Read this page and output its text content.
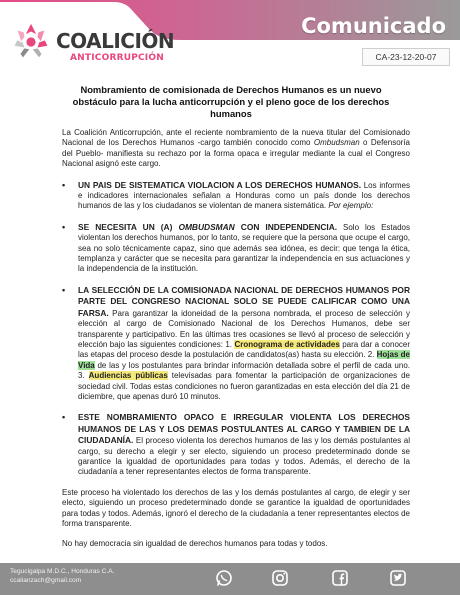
COALICIÓN
ANTICORRUPCIÓN
Comunicado
CA-23-12-20-07
Nombramiento de comisionada de Derechos Humanos es un nuevo obstáculo para la lucha anticorrupción y el pleno goce de los derechos humanos

La Coalición Anticorrupción, ante el reciente nombramiento de la nueva titular del Comisionado Nacional de los Derechos Humanos -cargo también conocido como Ombudsman o Defensoría del Pueblo- manifiesta su rechazo por la forma opaca e irregular mediante la cual el Congreso Nacional asignó este cargo.

• UN PAIS DE SISTEMATICA VIOLACION A LOS DERECHOS HUMANOS. Los informes e indicadores internacionales señalan a Honduras como un país donde los derechos humanos de las y los ciudadanos se violentan de manera sistemática. Por ejemplo:
• SE NECESITA UN (A) OMBUDSMAN CON INDEPENDENCIA. Solo los Estados violentan los derechos humanos, por lo tanto, se requiere que la persona que ocupe el cargo, sea no solo técnicamente capaz, sino que además sea idónea, es decir: que tenga la ética, templanza y carácter que se necesita para garantizar la independencia en sus actuaciones y la independencia de la institución.
• LA SELECCIÓN DE LA COMISIONADA NACIONAL DE DERECHOS HUMANOS POR PARTE DEL CONGRESO NACIONAL SOLO SE PUEDE CALIFICAR COMO UNA FARSA. Para garantizar la idoneidad de la persona nombrada, el proceso de selección y elección al cargo de Comisionado Nacional de los Derechos Humanos, debe ser transparente y participativo. En las últimas tres ocasiones se llevó al proceso de selección y elección bajo las siguientes condiciones: 1. Cronograma de actividades para dar a conocer las etapas del proceso desde la postulación de candidatos(as) hasta su elección. 2. Hojas de Vida de las y los postulantes para brindar información detallada sobre el perfil de cada uno. 3. Audiencias públicas televisadas para fomentar la participación de organizaciones de sociedad civil. Todas estas condiciones no fueron garantizadas en esta elección del día 21 de diciembre, que apenas duró 10 minutos.
• ESTE NOMBRAMIENTO OPACO E IRREGULAR VIOLENTA LOS DERECHOS HUMANOS DE LAS Y LOS DEMAS POSTULANTES AL CARGO Y TAMBIEN DE LA CIUDADANÍA. El proceso violenta los derechos humanos de las y los demás postulantes al cargo, su derecho a elegir y ser electo, siguiendo un proceso predeterminado donde se garantice la igualdad de oportunidades para todas y todos. Además, el derecho de la ciudadanía a tener representantes electos de forma transparente.

Este proceso ha violentado los derechos de las y los demás postulantes al cargo, de elegir y ser electo, siguiendo un proceso predeterminado donde se garantice la igualdad de oportunidades para todas y todos. Además, ignoró el derecho de la ciudadanía a tener representantes electos de forma transparente.

No hay democracia sin igualdad de derechos humanos para todas y todos.

Tegucigalpa M.D.C., Honduras C.A.
ccalianzach@gmail.com
